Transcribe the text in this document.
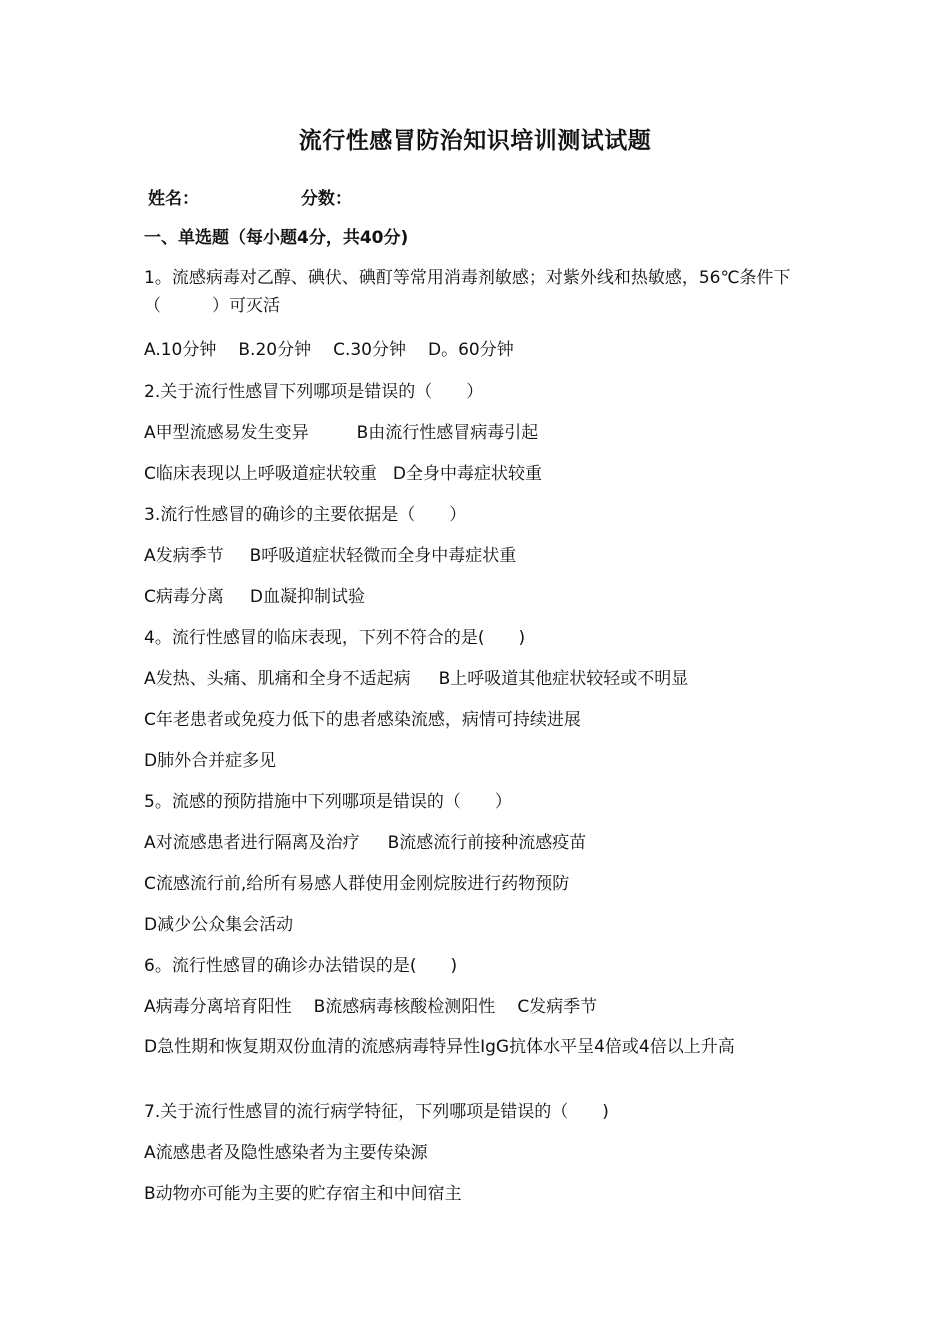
流行性感冒防治知识培训测试试题
姓名：	分数：
一、单选题（每小题4分，共40分)
1。流感病毒对乙醇、碘伏、碘酊等常用消毒剂敏感；对紫外线和热敏感，56℃条件下（　　　）可灭活
A.10分钟 B.20分钟 C.30分钟 D。60分钟
2.关于流行性感冒下列哪项是错误的（　　）
A甲型流感易发生变异	B由流行性感冒病毒引起
C临床表现以上呼吸道症状较重 D全身中毒症状较重
3.流行性感冒的确诊的主要依据是（　　）
A发病季节 B呼吸道症状轻微而全身中毒症状重
C病毒分离 D血凝抑制试验
4。流行性感冒的临床表现，下列不符合的是(　　)
A发热、头痛、肌痛和全身不适起病 B上呼吸道其他症状较轻或不明显
C年老患者或免疫力低下的患者感染流感，病情可持续进展
D肺外合并症多见
5。流感的预防措施中下列哪项是错误的（　　）
A对流感患者进行隔离及治疗 B流感流行前接种流感疫苗
C流感流行前,给所有易感人群使用金刚烷胺进行药物预防
D减少公众集会活动
6。流行性感冒的确诊办法错误的是(　　)
A病毒分离培育阳性 B流感病毒核酸检测阳性 C发病季节
D急性期和恢复期双份血清的流感病毒特异性IgG抗体水平呈4倍或4倍以上升高
7.关于流行性感冒的流行病学特征，下列哪项是错误的（　　)
A流感患者及隐性感染者为主要传染源
B动物亦可能为主要的贮存宿主和中间宿主
